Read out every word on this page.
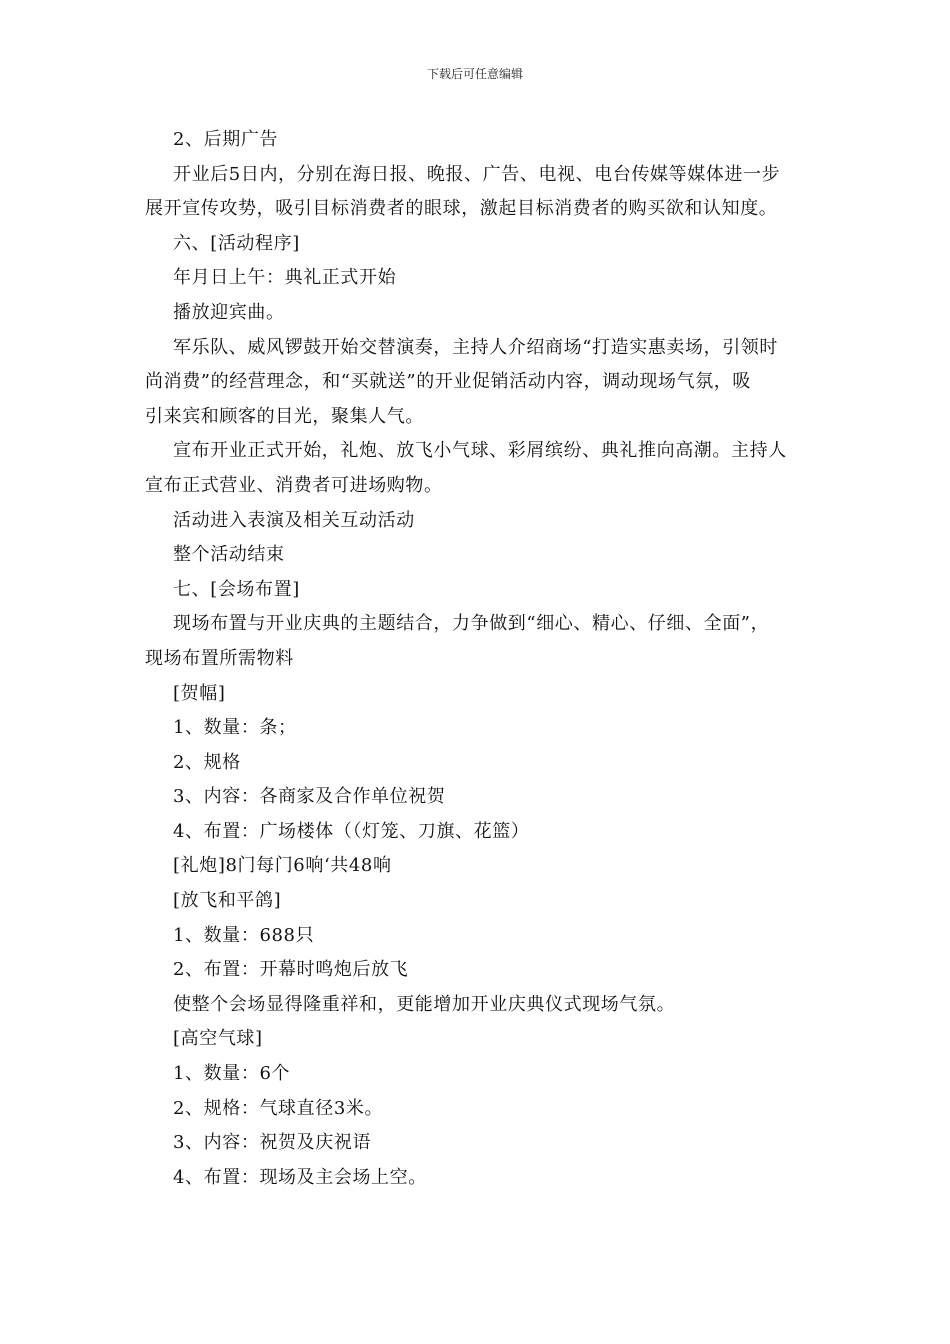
下载后可任意编辑

2、后期广告

开业后5日内，分别在海日报、晚报、广告、电视、电台传媒等媒体进一步

展开宣传攻势，吸引目标消费者的眼球，激起目标消费者的购买欲和认知度。

六、[活动程序]

年月日上午：典礼正式开始

播放迎宾曲。

军乐队、威风锣鼓开始交替演奏，主持人介绍商场“打造实惠卖场，引领时

尚消费”的经营理念，和“买就送”的开业促销活动内容，调动现场气氛，吸

引来宾和顾客的目光，聚集人气。

宣布开业正式开始，礼炮、放飞小气球、彩屑缤纷、典礼推向高潮。主持人

宣布正式营业、消费者可进场购物。

活动进入表演及相关互动活动

整个活动结束

七、[会场布置]

现场布置与开业庆典的主题结合，力争做到“细心、精心、仔细、全面”，

现场布置所需物料

[贺幅]

1、数量：条；

2、规格

3、内容：各商家及合作单位祝贺

4、布置：广场楼体（（灯笼、刀旗、花篮）

[礼炮]8门每门6响‘共48响

[放飞和平鸽]

1、数量：688只

2、布置：开幕时鸣炮后放飞

使整个会场显得隆重祥和，更能增加开业庆典仪式现场气氛。

[高空气球]

1、数量：6个

2、规格：气球直径3米。

3、内容：祝贺及庆祝语

4、布置：现场及主会场上空。
